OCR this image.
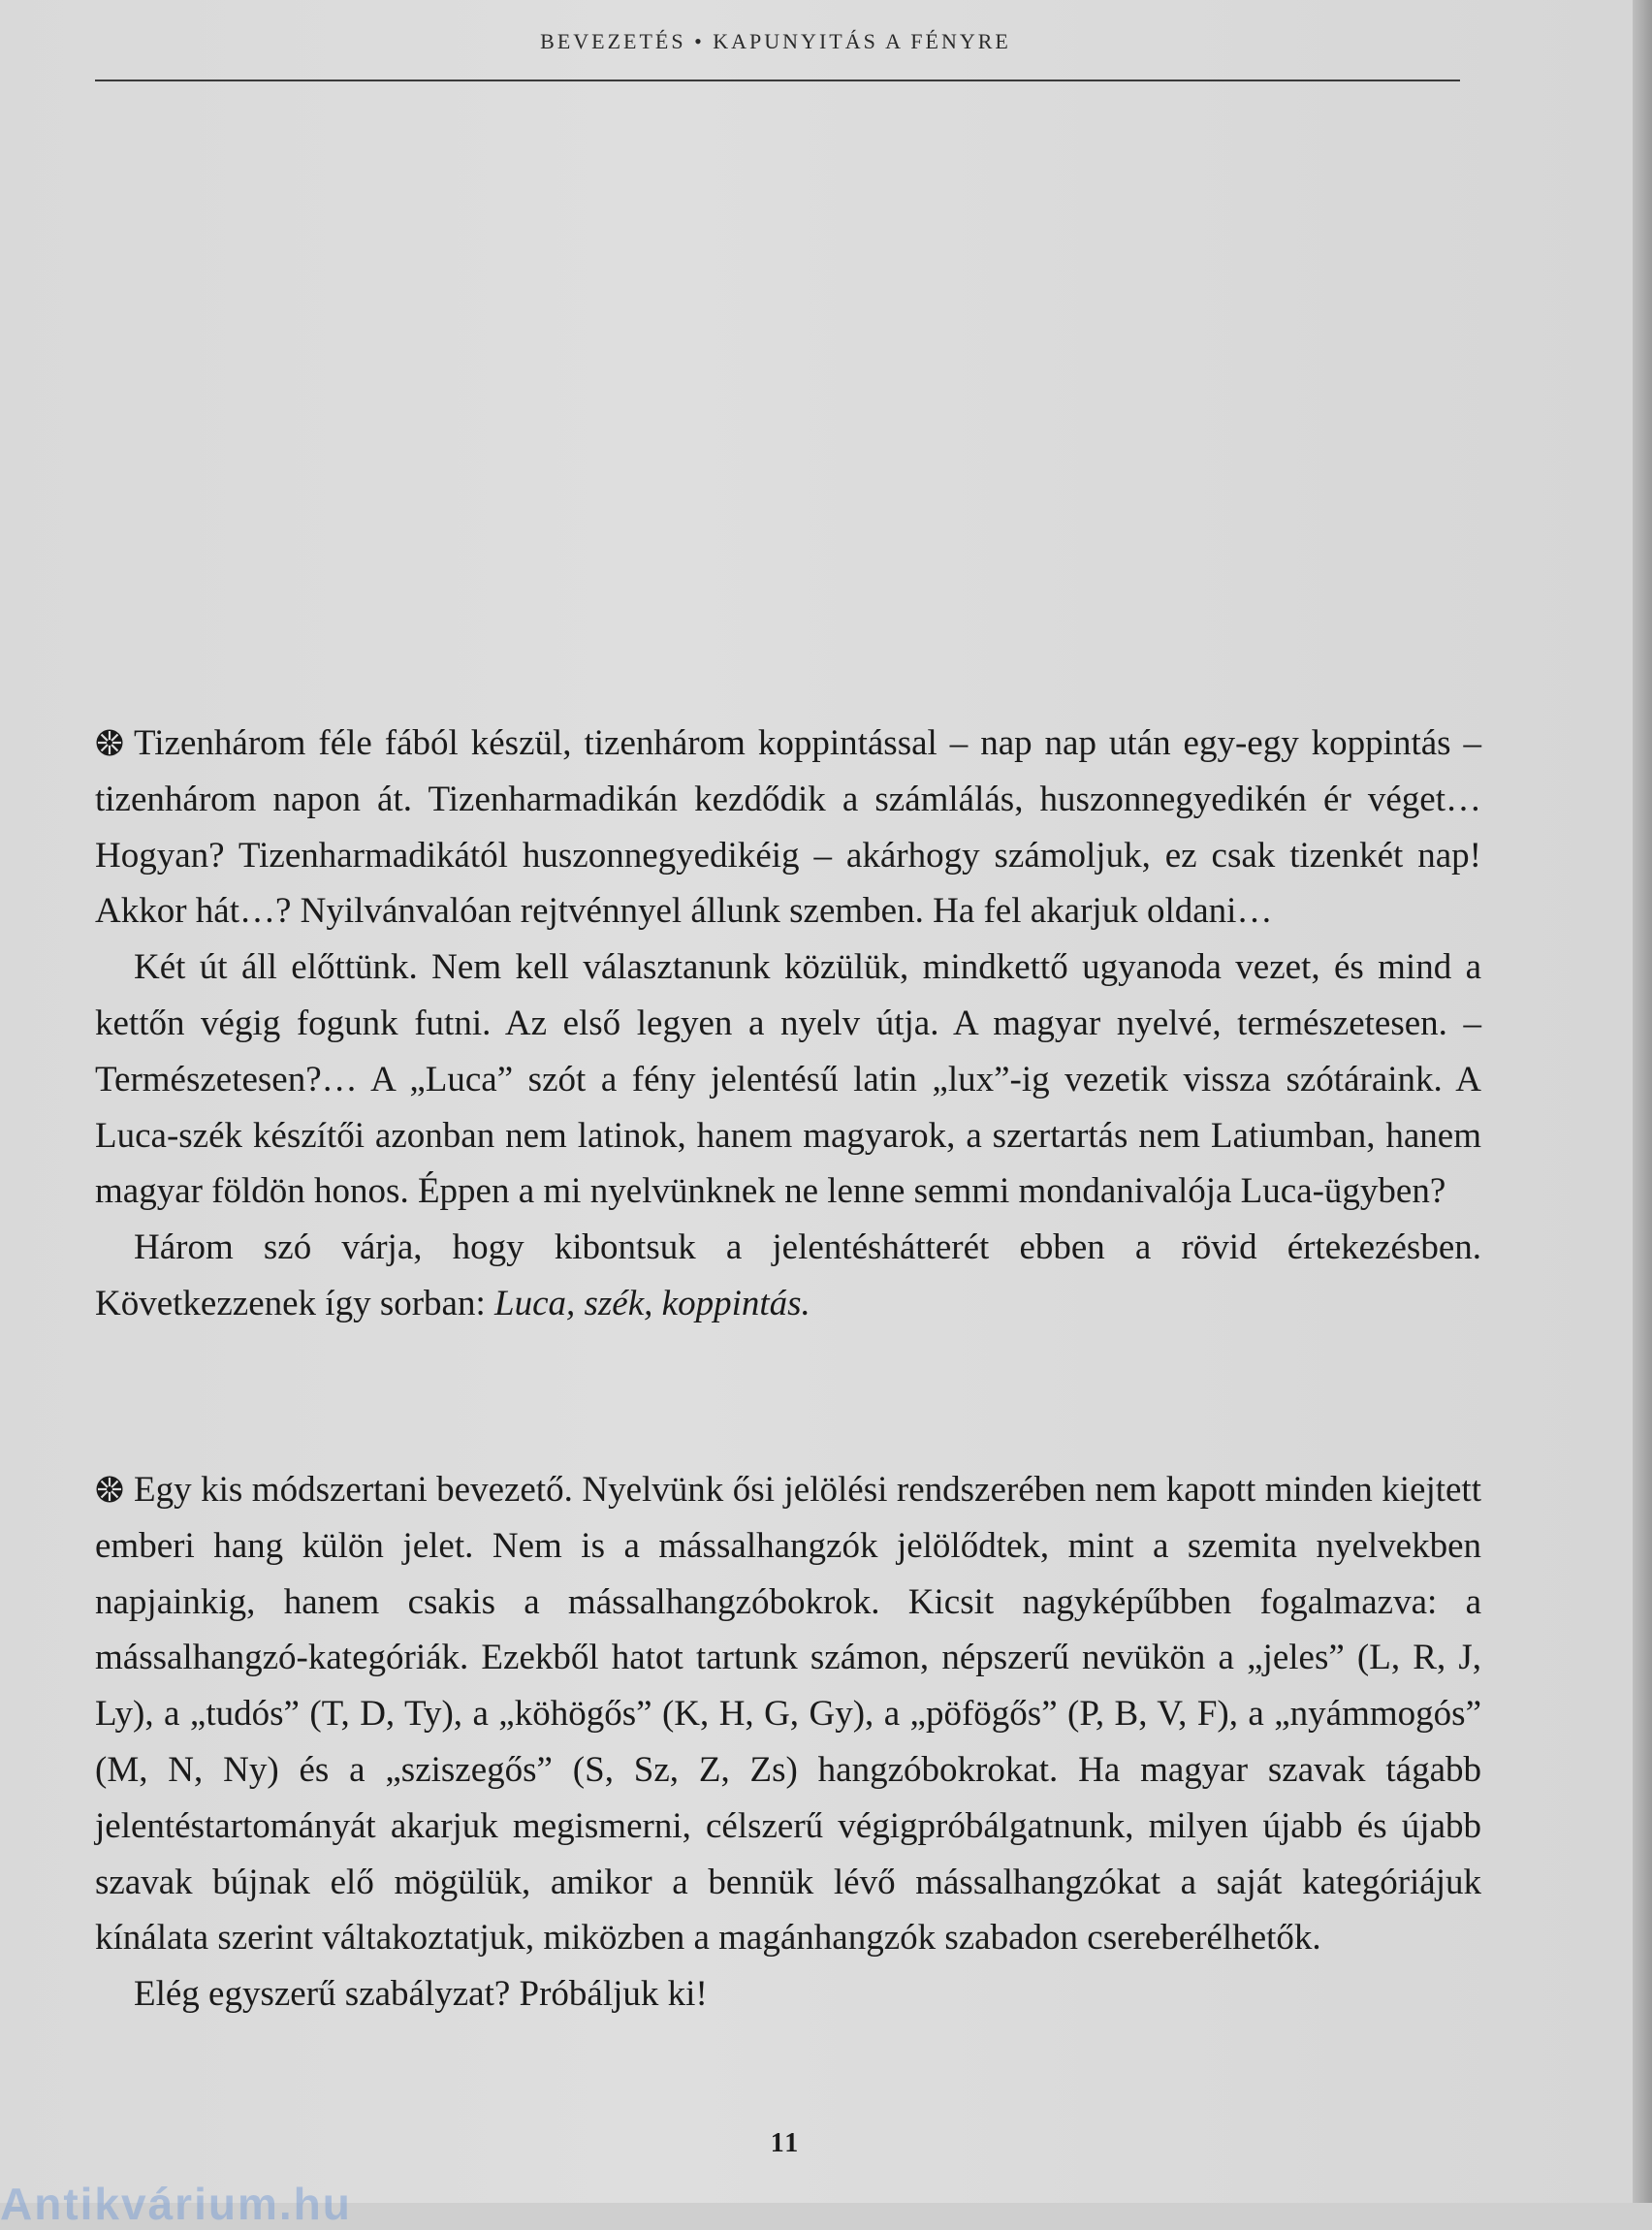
BEVEZETÉS • KAPUNYITÁS A FÉNYRE

Tizenhárom féle fából készül, tizenhárom koppintással – nap nap után egy-egy koppintás – tizenhárom napon át. Tizenharmadikán kezdődik a számlálás, huszonnegyedikén ér véget… Hogyan? Tizenharmadikától huszonnegyedikéig – akárhogy számoljuk, ez csak tizenkét nap! Akkor hát…? Nyilvánvalóan rejtvénnyel állunk szemben. Ha fel akarjuk oldani…

Két út áll előttünk. Nem kell választanunk közülük, mindkettő ugyanoda vezet, és mind a kettőn végig fogunk futni. Az első legyen a nyelv útja. A magyar nyelvé, természetesen. – Természetesen?… A „Luca” szót a fény jelentésű latin „lux”-ig vezetik vissza szótáraink. A Luca-szék készítői azonban nem latinok, hanem magyarok, a szertartás nem Latiumban, hanem magyar földön honos. Éppen a mi nyelvünknek ne lenne semmi mondanivalója Luca-ügyben?

Három szó várja, hogy kibontsuk a jelentéshátterét ebben a rövid értekezésben. Következzenek így sorban: Luca, szék, koppintás.

Egy kis módszertani bevezető. Nyelvünk ősi jelölési rendszerében nem kapott minden kiejtett emberi hang külön jelet. Nem is a mássalhangzók jelölődtek, mint a szemita nyelvekben napjainkig, hanem csakis a mássalhangzóbokrok. Kicsit nagyképűbben fogalmazva: a mássalhangzó-kategóriák. Ezekből hatot tartunk számon, népszerű nevükön a „jeles” (L, R, J, Ly), a „tudós” (T, D, Ty), a „köhögős” (K, H, G, Gy), a „pöfögős” (P, B, V, F), a „nyámmogós” (M, N, Ny) és a „sziszegős” (S, Sz, Z, Zs) hangzóbokrokat. Ha magyar szavak tágabb jelentéstartományát akarjuk megismerni, célszerű végigpróbálgatnunk, milyen újabb és újabb szavak bújnak elő mögülük, amikor a bennük lévő mássalhangzókat a saját kategóriájuk kínálata szerint váltakoztatjuk, miközben a magánhangzók szabadon csereberélhetők.

Elég egyszerű szabályzat? Próbáljuk ki!

11
Antikvárium.hu
